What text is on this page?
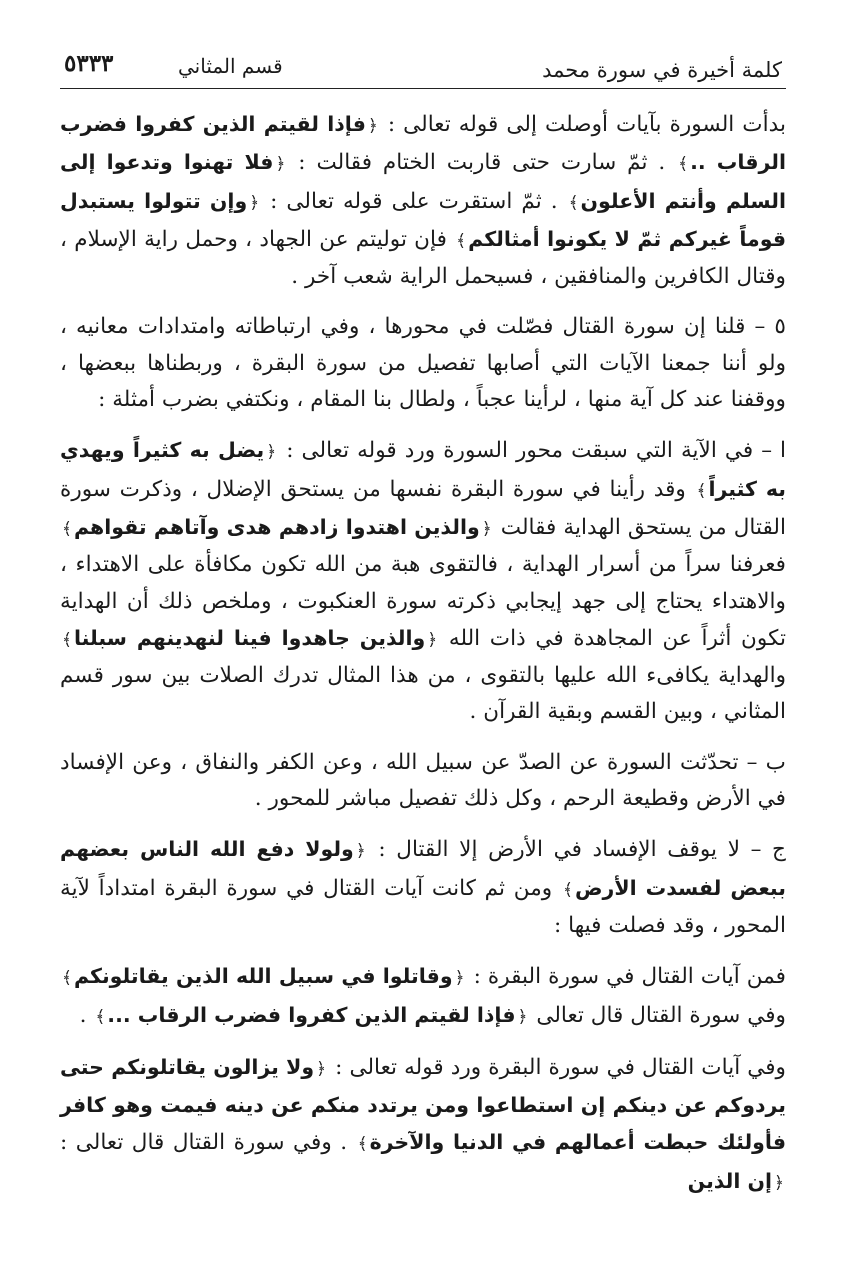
كلمة أخيرة في سورة محمد
قسم المثاني
٥٣٣٣

بدأت السورة بآيات أوصلت إلى قوله تعالى : ﴿فإذا لقيتم الذين كفروا فضرب الرقاب ..﴾ . ثمّ سارت حتى قاربت الختام فقالت : ﴿فلا تهنوا وتدعوا إلى السلم وأنتم الأعلون﴾ . ثمّ استقرت على قوله تعالى : ﴿وإن تتولوا يستبدل قوماً غيركم ثمّ لا يكونوا أمثالكم﴾ فإن توليتم عن الجهاد ، وحمل راية الإسلام ، وقتال الكافرين والمنافقين ، فسيحمل الراية شعب آخر .

٥ – قلنا إن سورة القتال فصّلت في محورها ، وفي ارتباطاته وامتدادات معانيه ، ولو أننا جمعنا الآيات التي أصابها تفصيل من سورة البقرة ، وربطناها ببعضها ، ووقفنا عند كل آية منها ، لرأينا عجباً ، ولطال بنا المقام ، ونكتفي بضرب أمثلة :

ا – في الآية التي سبقت محور السورة ورد قوله تعالى : ﴿يضل به كثيراً ويهدي به كثيراً﴾ وقد رأينا في سورة البقرة نفسها من يستحق الإضلال ، وذكرت سورة القتال من يستحق الهداية فقالت ﴿والذين اهتدوا زادهم هدى وآتاهم تقواهم﴾ فعرفنا سراً من أسرار الهداية ، فالتقوى هبة من الله تكون مكافأة على الاهتداء ، والاهتداء يحتاج إلى جهد إيجابي ذكرته سورة العنكبوت ، وملخص ذلك أن الهداية تكون أثراً عن المجاهدة في ذات الله ﴿والذين جاهدوا فينا لنهدينهم سبلنا﴾ والهداية يكافىء الله عليها بالتقوى ، من هذا المثال تدرك الصلات بين سور قسم المثاني ، وبين القسم وبقية القرآن .

ب – تحدّثت السورة عن الصدّ عن سبيل الله ، وعن الكفر والنفاق ، وعن الإفساد في الأرض وقطيعة الرحم ، وكل ذلك تفصيل مباشر للمحور .

ج – لا يوقف الإفساد في الأرض إلا القتال : ﴿ولولا دفع الله الناس بعضهم ببعض لفسدت الأرض﴾ ومن ثم كانت آيات القتال في سورة البقرة امتداداً لآية المحور ، وقد فصلت فيها :

فمن آيات القتال في سورة البقرة : ﴿وقاتلوا في سبيل الله الذين يقاتلونكم﴾ وفي سورة القتال قال تعالى ﴿فإذا لقيتم الذين كفروا فضرب الرقاب ...﴾ .

وفي آيات القتال في سورة البقرة ورد قوله تعالى : ﴿ولا يزالون يقاتلونكم حتى يردوكم عن دينكم إن استطاعوا ومن يرتدد منكم عن دينه فيمت وهو كافر فأولئك حبطت أعمالهم في الدنيا والآخرة﴾ . وفي سورة القتال قال تعالى : ﴿إن الذين
